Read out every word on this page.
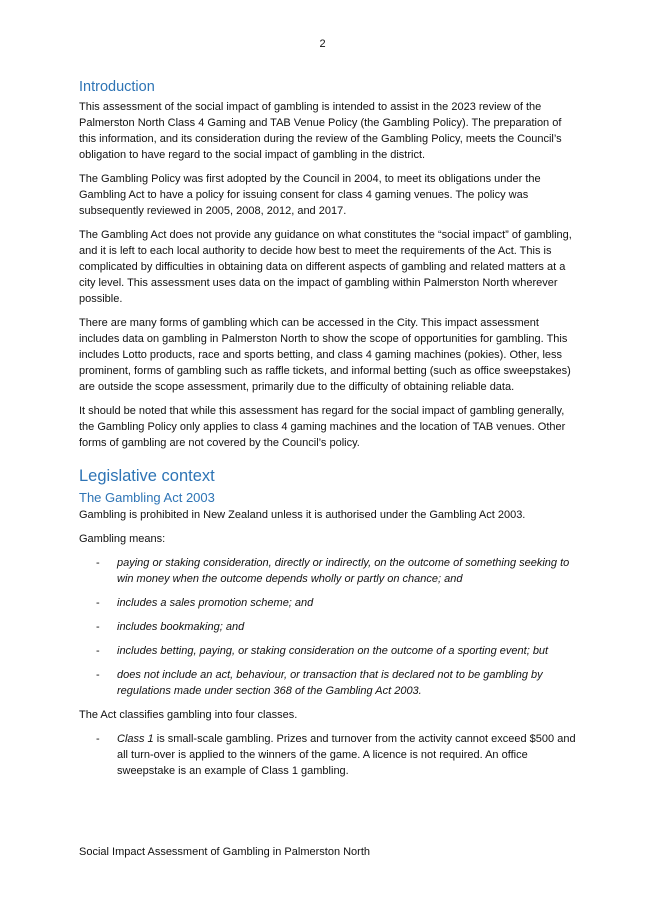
2
Introduction

This assessment of the social impact of gambling is intended to assist in the 2023 review of the Palmerston North Class 4 Gaming and TAB Venue Policy (the Gambling Policy). The preparation of this information, and its consideration during the review of the Gambling Policy, meets the Council’s obligation to have regard to the social impact of gambling in the district.

The Gambling Policy was first adopted by the Council in 2004, to meet its obligations under the Gambling Act to have a policy for issuing consent for class 4 gaming venues. The policy was subsequently reviewed in 2005, 2008, 2012, and 2017.

The Gambling Act does not provide any guidance on what constitutes the “social impact” of gambling, and it is left to each local authority to decide how best to meet the requirements of the Act. This is complicated by difficulties in obtaining data on different aspects of gambling and related matters at a city level. This assessment uses data on the impact of gambling within Palmerston North wherever possible.

There are many forms of gambling which can be accessed in the City. This impact assessment includes data on gambling in Palmerston North to show the scope of opportunities for gambling. This includes Lotto products, race and sports betting, and class 4 gaming machines (pokies). Other, less prominent, forms of gambling such as raffle tickets, and informal betting (such as office sweepstakes) are outside the scope assessment, primarily due to the difficulty of obtaining reliable data.

It should be noted that while this assessment has regard for the social impact of gambling generally, the Gambling Policy only applies to class 4 gaming machines and the location of TAB venues. Other forms of gambling are not covered by the Council’s policy.

Legislative context
The Gambling Act 2003

Gambling is prohibited in New Zealand unless it is authorised under the Gambling Act 2003.

Gambling means:

- paying or staking consideration, directly or indirectly, on the outcome of something seeking to win money when the outcome depends wholly or partly on chance; and
- includes a sales promotion scheme; and
- includes bookmaking; and
- includes betting, paying, or staking consideration on the outcome of a sporting event; but
- does not include an act, behaviour, or transaction that is declared not to be gambling by regulations made under section 368 of the Gambling Act 2003.

The Act classifies gambling into four classes.

- Class 1 is small-scale gambling. Prizes and turnover from the activity cannot exceed $500 and all turn-over is applied to the winners of the game. A licence is not required. An office sweepstake is an example of Class 1 gambling.
Social Impact Assessment of Gambling in Palmerston North
